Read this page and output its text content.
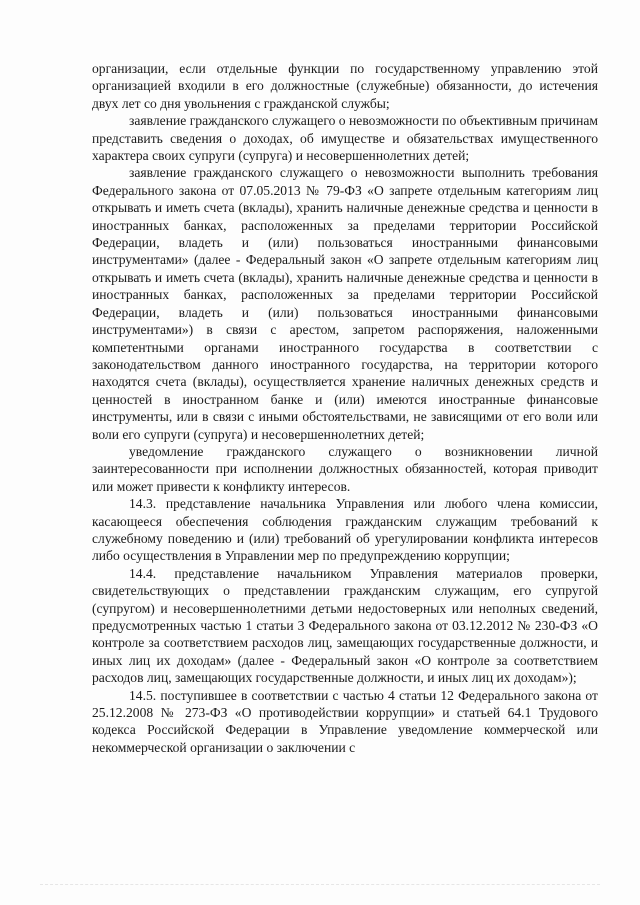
организации, если отдельные функции по государственному управлению этой организацией входили в его должностные (служебные) обязанности, до истечения двух лет со дня увольнения с гражданской службы;

заявление гражданского служащего о невозможности по объективным причинам представить сведения о доходах, об имуществе и обязательствах имущественного характера своих супруги (супруга) и несовершеннолетних детей;

заявление гражданского служащего о невозможности выполнить требования Федерального закона от 07.05.2013 № 79-ФЗ «О запрете отдельным категориям лиц открывать и иметь счета (вклады), хранить наличные денежные средства и ценности в иностранных банках, расположенных за пределами территории Российской Федерации, владеть и (или) пользоваться иностранными финансовыми инструментами» (далее - Федеральный закон «О запрете отдельным категориям лиц открывать и иметь счета (вклады), хранить наличные денежные средства и ценности в иностранных банках, расположенных за пределами территории Российской Федерации, владеть и (или) пользоваться иностранными финансовыми инструментами») в связи с арестом, запретом распоряжения, наложенными компетентными органами иностранного государства в соответствии с законодательством данного иностранного государства, на территории которого находятся счета (вклады), осуществляется хранение наличных денежных средств и ценностей в иностранном банке и (или) имеются иностранные финансовые инструменты, или в связи с иными обстоятельствами, не зависящими от его воли или воли его супруги (супруга) и несовершеннолетних детей;

уведомление гражданского служащего о возникновении личной заинтересованности при исполнении должностных обязанностей, которая приводит или может привести к конфликту интересов.

14.3. представление начальника Управления или любого члена комиссии, касающееся обеспечения соблюдения гражданским служащим требований к служебному поведению и (или) требований об урегулировании конфликта интересов либо осуществления в Управлении мер по предупреждению коррупции;

14.4. представление начальником Управления материалов проверки, свидетельствующих о представлении гражданским служащим, его супругой (супругом) и несовершеннолетними детьми недостоверных или неполных сведений, предусмотренных частью 1 статьи 3 Федерального закона от 03.12.2012 № 230-ФЗ «О контроле за соответствием расходов лиц, замещающих государственные должности, и иных лиц их доходам» (далее - Федеральный закон «О контроле за соответствием расходов лиц, замещающих государственные должности, и иных лиц их доходам»);

14.5. поступившее в соответствии с частью 4 статьи 12 Федерального закона от 25.12.2008 № 273-ФЗ «О противодействии коррупции» и статьей 64.1 Трудового кодекса Российской Федерации в Управление уведомление коммерческой или некоммерческой организации о заключении с
